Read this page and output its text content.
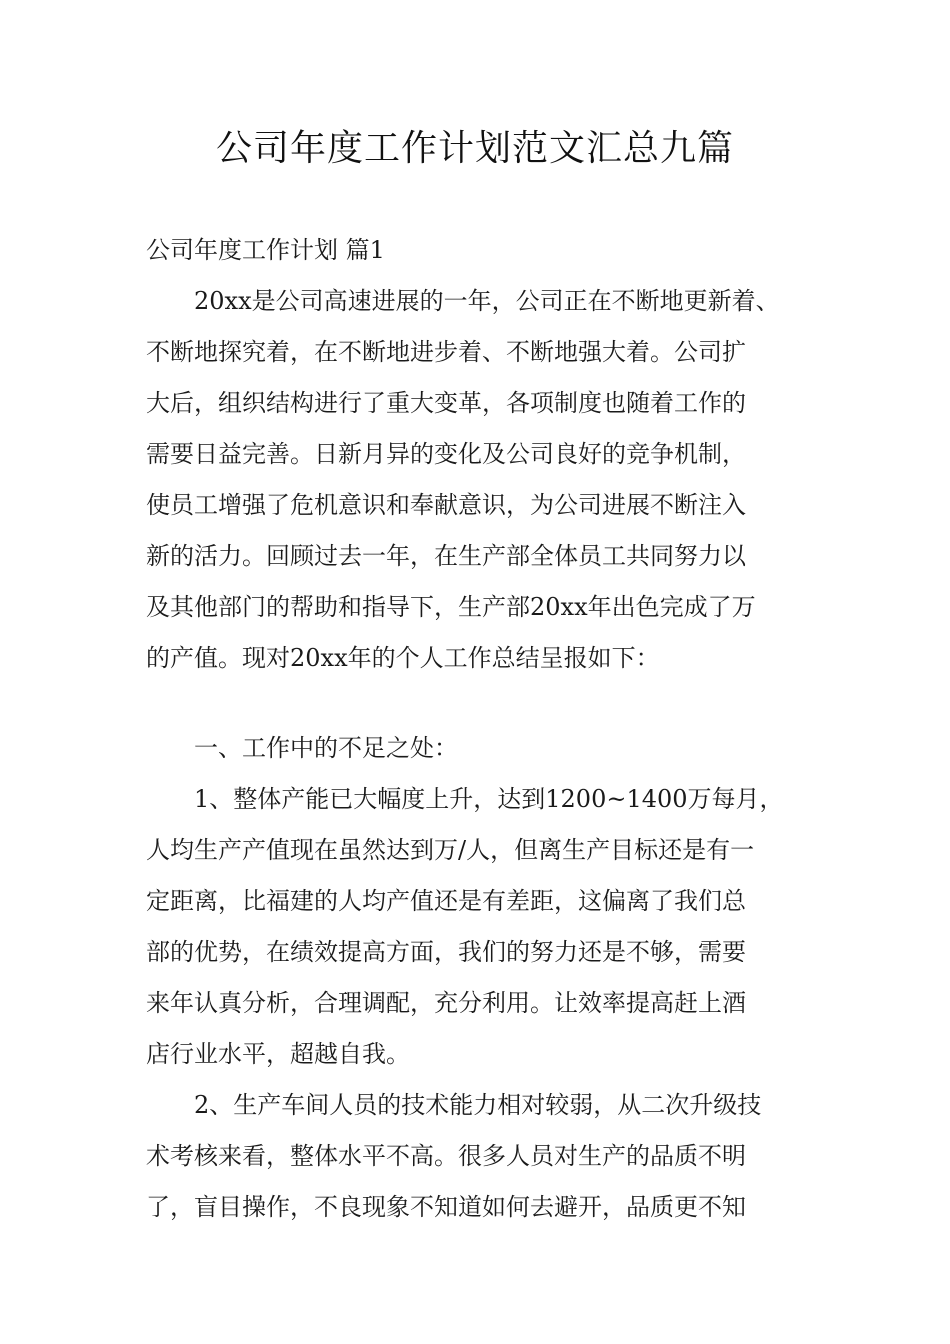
公司年度工作计划范文汇总九篇
公司年度工作计划 篇1
20xx是公司高速进展的一年，公司正在不断地更新着、
不断地探究着，在不断地进步着、不断地强大着。公司扩
大后，组织结构进行了重大变革，各项制度也随着工作的
需要日益完善。日新月异的变化及公司良好的竞争机制，
使员工增强了危机意识和奉献意识，为公司进展不断注入
新的活力。回顾过去一年，在生产部全体员工共同努力以
及其他部门的帮助和指导下，生产部20xx年出色完成了万
的产值。现对20xx年的个人工作总结呈报如下：
一、工作中的不足之处：
1、整体产能已大幅度上升，达到1200~1400万每月，
人均生产产值现在虽然达到万/人，但离生产目标还是有一
定距离，比福建的人均产值还是有差距，这偏离了我们总
部的优势，在绩效提高方面，我们的努力还是不够，需要
来年认真分析，合理调配，充分利用。让效率提高赶上酒
店行业水平，超越自我。
2、生产车间人员的技术能力相对较弱，从二次升级技
术考核来看，整体水平不高。很多人员对生产的品质不明
了，盲目操作，不良现象不知道如何去避开，品质更不知
